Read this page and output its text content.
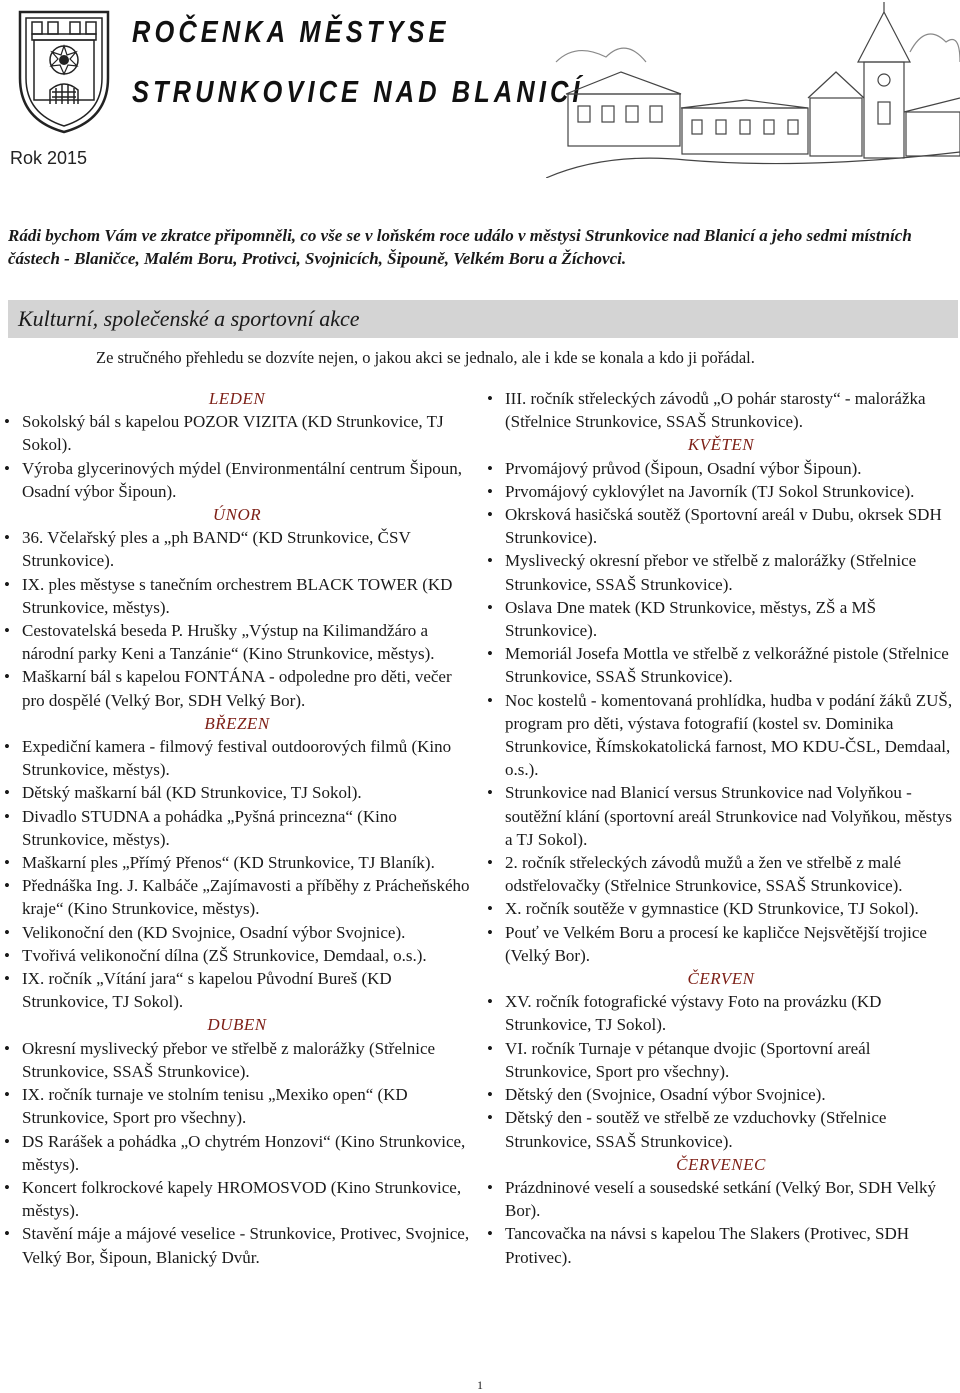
ROČENKA MĚSTYSE
STRUNKOVICE NAD BLANICÍ
Rok 2015
Rádi bychom Vám ve zkratce připomněli, co vše se v loňském roce událo v městysi Strunkovice nad Blanicí a jeho sedmi místních částech - Blaničce, Malém Boru, Protivci, Svojnicích, Šipouně, Velkém Boru a Žíchovci.
Kulturní, společenské a sportovní akce
Ze stručného přehledu se dozvíte nejen, o jakou akci se jednalo, ale i kde se konala a kdo ji pořádal.
LEDEN
• Sokolský bál s kapelou POZOR VIZITA (KD Strunkovice, TJ Sokol).
• Výroba glycerinových mýdel (Environmentální centrum Šipoun, Osadní výbor Šipoun).
ÚNOR
• 36. Včelařský ples a „ph BAND“ (KD Strunkovice, ČSV Strunkovice).
• IX. ples městyse s tanečním orchestrem BLACK TOWER (KD Strunkovice, městys).
• Cestovatelská beseda P. Hrušky „Výstup na Kilimandžáro a národní parky Keni a Tanzánie“ (Kino Strunkovice, městys).
• Maškarní bál s kapelou FONTÁNA - odpoledne pro děti, večer pro dospělé (Velký Bor, SDH Velký Bor).
BŘEZEN
• Expediční kamera - filmový festival outdoorových filmů (Kino Strunkovice, městys).
• Dětský maškarní bál (KD Strunkovice, TJ Sokol).
• Divadlo STUDNA a pohádka „Pyšná princezna“ (Kino Strunkovice, městys).
• Maškarní ples „Přímý Přenos“ (KD Strunkovice, TJ Blaník).
• Přednáška Ing. J. Kalbáče „Zajímavosti a příběhy z Prácheňského kraje“ (Kino Strunkovice, městys).
• Velikonoční den (KD Svojnice, Osadní výbor Svojnice).
• Tvořivá velikonoční dílna (ZŠ Strunkovice, Demdaal, o.s.).
• IX. ročník „Vítání jara“ s kapelou Původní Bureš (KD Strunkovice, TJ Sokol).
DUBEN
• Okresní myslivecký přebor ve střelbě z malorážky (Střelnice Strunkovice, SSAŠ Strunkovice).
• IX. ročník turnaje ve stolním tenisu „Mexiko open“ (KD Strunkovice, Sport pro všechny).
• DS Rarášek a pohádka „O chytrém Honzovi“ (Kino Strunkovice, městys).
• Koncert folkrockové kapely HROMOSVOD (Kino Strunkovice, městys).
• Stavění máje a májové veselice - Strunkovice, Protivec, Svojnice, Velký Bor, Šipoun, Blanický Dvůr.
• III. ročník střeleckých závodů „O pohár starosty“ - malorážka (Střelnice Strunkovice, SSAŠ Strunkovice).
KVĚTEN
• Prvomájový průvod (Šipoun, Osadní výbor Šipoun).
• Prvomájový cyklovýlet na Javorník (TJ Sokol Strunkovice).
• Okrsková hasičská soutěž (Sportovní areál v Dubu, okrsek SDH Strunkovice).
• Myslivecký okresní přebor ve střelbě z malorážky (Střelnice Strunkovice, SSAŠ Strunkovice).
• Oslava Dne matek (KD Strunkovice, městys, ZŠ a MŠ Strunkovice).
• Memoriál Josefa Mottla ve střelbě z velkorážné pistole (Střelnice Strunkovice, SSAŠ Strunkovice).
• Noc kostelů - komentovaná prohlídka, hudba v podání žáků ZUŠ, program pro děti, výstava fotografií (kostel sv. Dominika Strunkovice, Římskokatolická farnost, MO KDU-ČSL, Demdaal, o.s.).
• Strunkovice nad Blanicí versus Strunkovice nad Volyňkou - soutěžní klání (sportovní areál Strunkovice nad Volyňkou, městys a TJ Sokol).
• 2. ročník střeleckých závodů mužů a žen ve střelbě z malé odstřelovačky (Střelnice Strunkovice, SSAŠ Strunkovice).
• X. ročník soutěže v gymnastice (KD Strunkovice, TJ Sokol).
• Pouť ve Velkém Boru a procesí ke kapličce Nejsvětější trojice (Velký Bor).
ČERVEN
• XV. ročník fotografické výstavy Foto na provázku (KD Strunkovice, TJ Sokol).
• VI. ročník Turnaje v pétanque dvojic (Sportovní areál Strunkovice, Sport pro všechny).
• Dětský den (Svojnice, Osadní výbor Svojnice).
• Dětský den - soutěž ve střelbě ze vzduchovky (Střelnice Strunkovice, SSAŠ Strunkovice).
ČERVENEC
• Prázdninové veselí a sousedské setkání (Velký Bor, SDH Velký Bor).
• Tancovačka na návsi s kapelou The Slakers (Protivec, SDH Protivec).
1
